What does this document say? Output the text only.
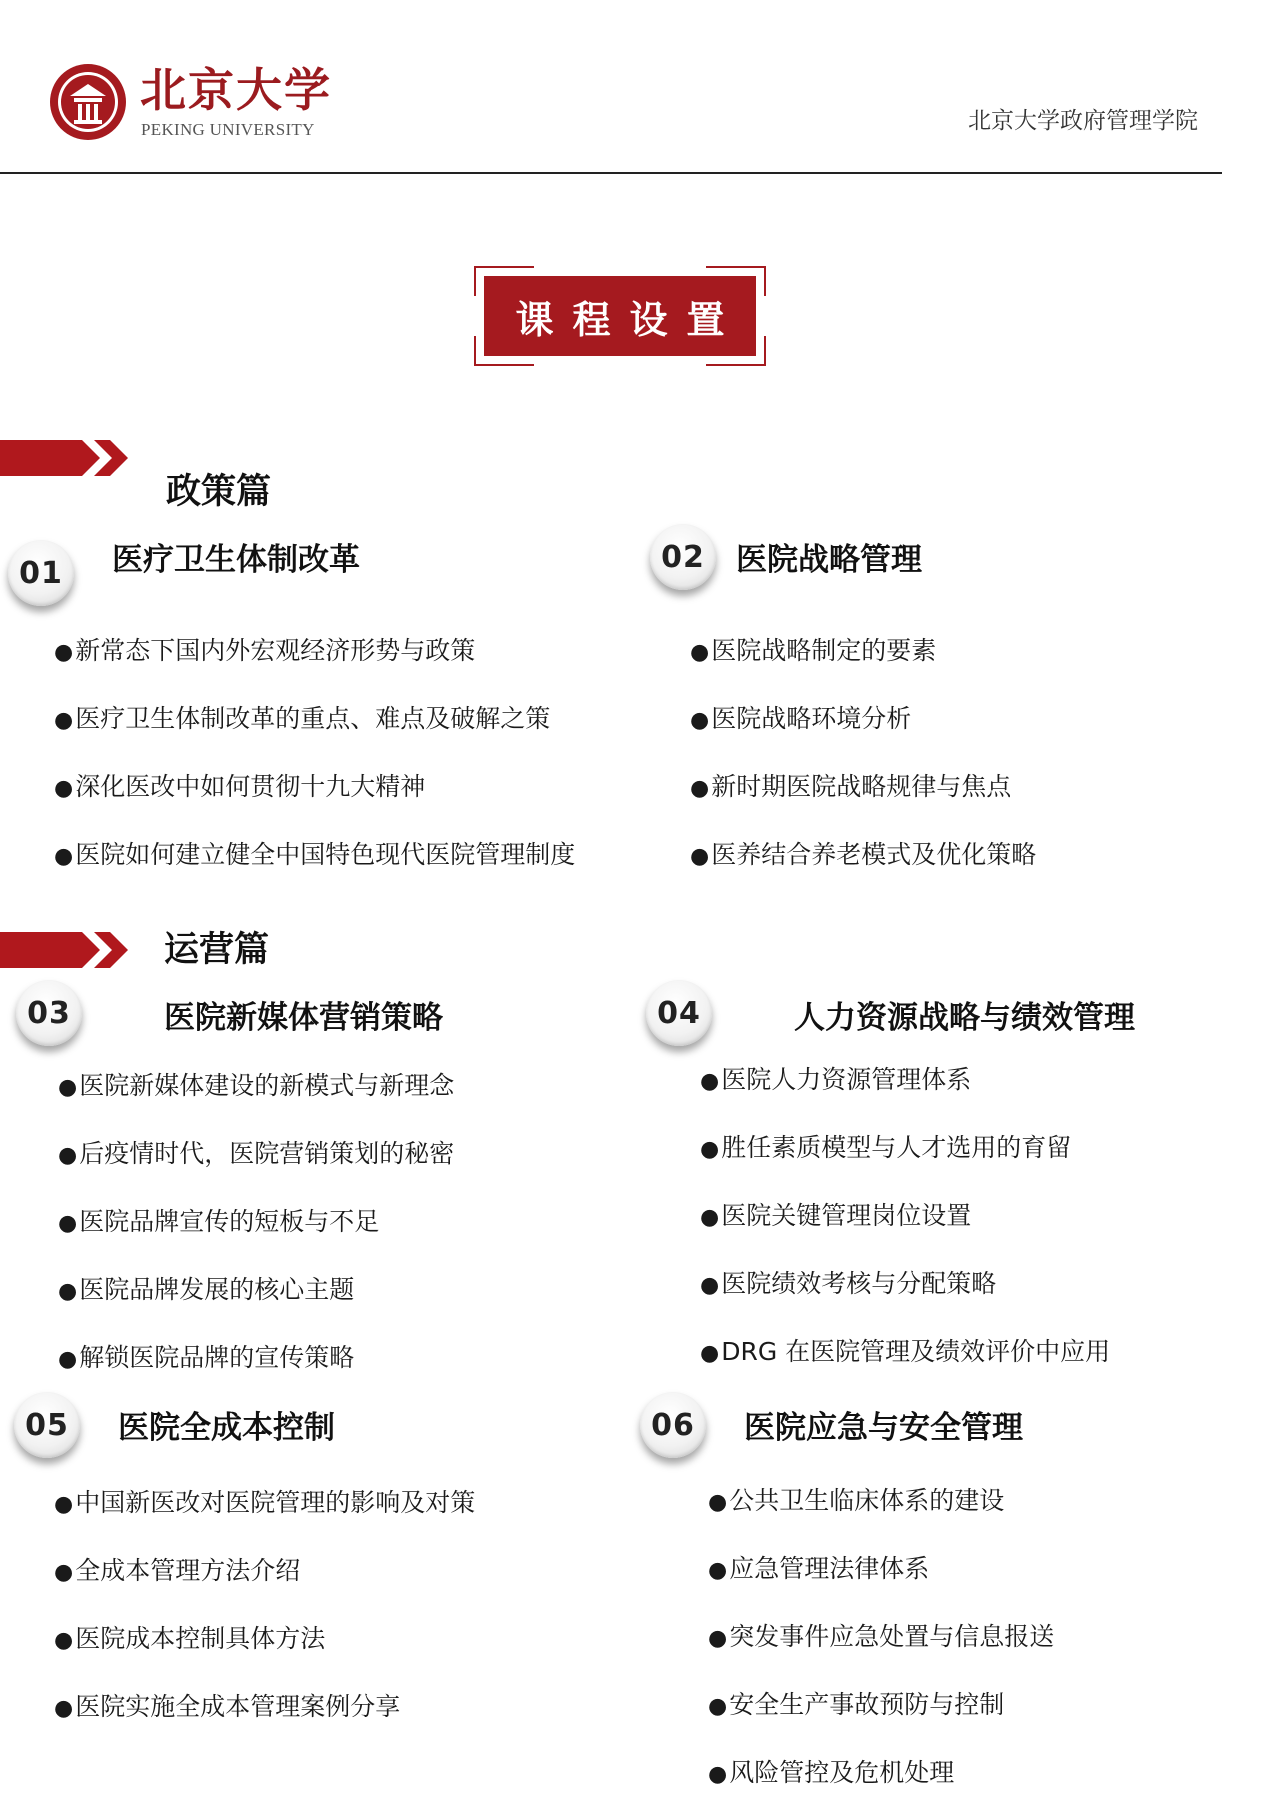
北京大学
PEKING UNIVERSITY	北京大学政府管理学院
课程设置
政策篇
01 医疗卫生体制改革
●新常态下国内外宏观经济形势与政策
●医疗卫生体制改革的重点、难点及破解之策
●深化医改中如何贯彻十九大精神
●医院如何建立健全中国特色现代医院管理制度
02 医院战略管理
●医院战略制定的要素
●医院战略环境分析
●新时期医院战略规律与焦点
●医养结合养老模式及优化策略
运营篇
03	医院新媒体营销策略
●医院新媒体建设的新模式与新理念
●后疫情时代，医院营销策划的秘密
●医院品牌宣传的短板与不足
●医院品牌发展的核心主题
●解锁医院品牌的宣传策略
04	人力资源战略与绩效管理
●医院人力资源管理体系
●胜任素质模型与人才选用的育留
●医院关键管理岗位设置
●医院绩效考核与分配策略
●DRG 在医院管理及绩效评价中应用
05 医院全成本控制
●中国新医改对医院管理的影响及对策
●全成本管理方法介绍
●医院成本控制具体方法
●医院实施全成本管理案例分享
06 医院应急与安全管理
●公共卫生临床体系的建设
●应急管理法律体系
●突发事件应急处置与信息报送
●安全生产事故预防与控制
●风险管控及危机处理
